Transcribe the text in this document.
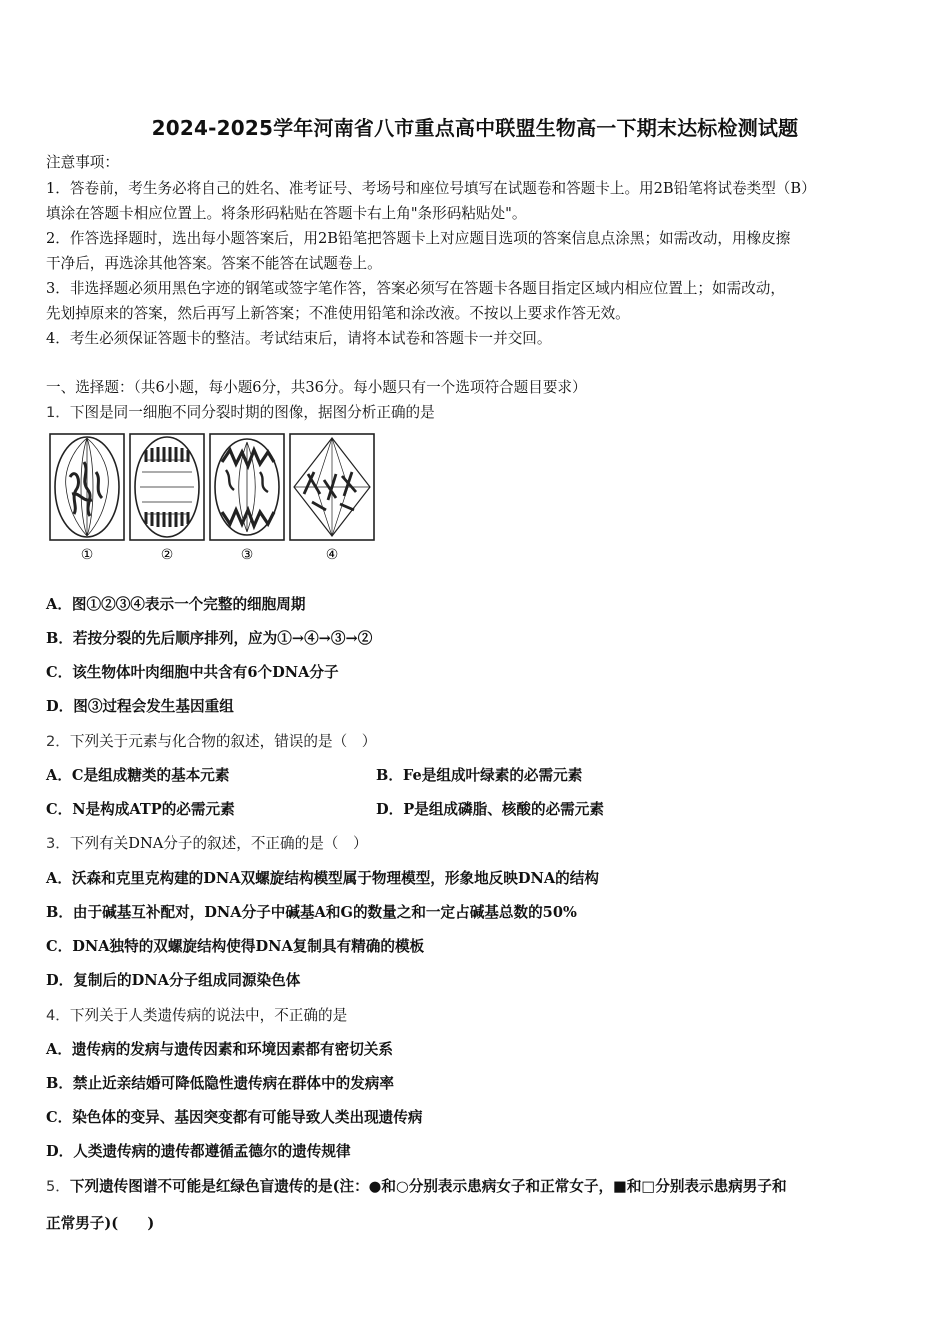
2024-2025学年河南省八市重点高中联盟生物高一下期末达标检测试题
注意事项：
1．答卷前，考生务必将自己的姓名、准考证号、考场号和座位号填写在试题卷和答题卡上。用2B铅笔将试卷类型（B）
填涂在答题卡相应位置上。将条形码粘贴在答题卡右上角"条形码粘贴处"。
2．作答选择题时，选出每小题答案后，用2B铅笔把答题卡上对应题目选项的答案信息点涂黑；如需改动，用橡皮擦
干净后，再选涂其他答案。答案不能答在试题卷上。
3．非选择题必须用黑色字迹的钢笔或签字笔作答，答案必须写在答题卡各题目指定区域内相应位置上；如需改动，
先划掉原来的答案，然后再写上新答案；不准使用铅笔和涂改液。不按以上要求作答无效。
4．考生必须保证答题卡的整洁。考试结束后，请将本试卷和答题卡一并交回。
一、选择题：（共6小题，每小题6分，共36分。每小题只有一个选项符合题目要求）
1．下图是同一细胞不同分裂时期的图像，据图分析正确的是
①	②	③	④
A．图①②③④表示一个完整的细胞周期
B．若按分裂的先后顺序排列，应为①→④→③→②
C．该生物体叶肉细胞中共含有6个DNA分子
D．图③过程会发生基因重组
2．下列关于元素与化合物的叙述，错误的是（　）
A．C是组成糖类的基本元素	B．Fe是组成叶绿素的必需元素
C．N是构成ATP的必需元素	D．P是组成磷脂、核酸的必需元素
3．下列有关DNA分子的叙述，不正确的是（　）
A．沃森和克里克构建的DNA双螺旋结构模型属于物理模型，形象地反映DNA的结构
B．由于碱基互补配对，DNA分子中碱基A和G的数量之和一定占碱基总数的50%
C．DNA独特的双螺旋结构使得DNA复制具有精确的模板
D．复制后的DNA分子组成同源染色体
4．下列关于人类遗传病的说法中，不正确的是
A．遗传病的发病与遗传因素和环境因素都有密切关系
B．禁止近亲结婚可降低隐性遗传病在群体中的发病率
C．染色体的变异、基因突变都有可能导致人类出现遗传病
D．人类遗传病的遗传都遵循孟德尔的遗传规律
5．下列遗传图谱不可能是红绿色盲遗传的是(注：●和○分别表示患病女子和正常女子，■和□分别表示患病男子和
正常男子)(　　)
